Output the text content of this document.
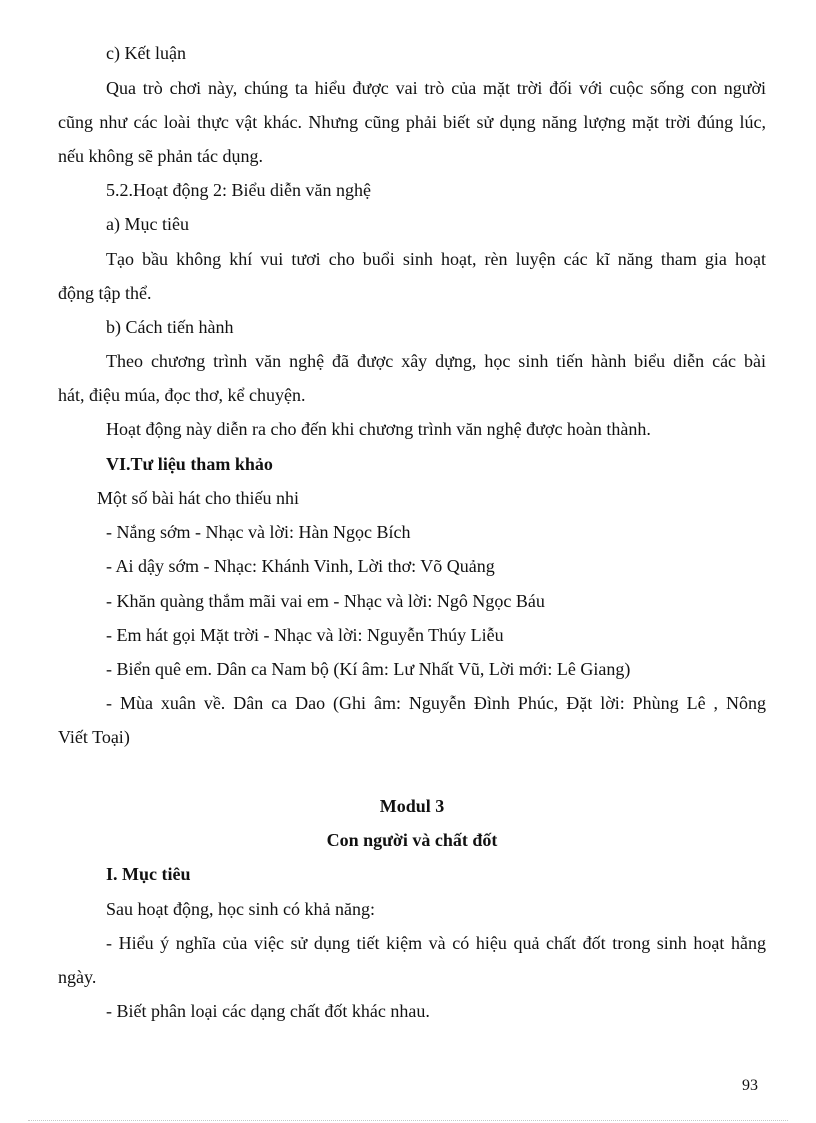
c) Kết luận
Qua trò chơi này, chúng ta hiểu được vai trò của mặt trời đối với cuộc sống con người
cũng như các loài thực vật khác. Nhưng cũng phải biết sử dụng năng lượng mặt trời đúng lúc,
nếu không sẽ phản tác dụng.
5.2.Hoạt động 2: Biểu diễn văn nghệ
a) Mục tiêu
Tạo bầu không khí vui tươi cho buổi sinh hoạt, rèn luyện các kĩ năng tham gia hoạt
động tập thể.
b) Cách tiến hành
Theo chương trình văn nghệ đã được xây dựng, học sinh tiến hành biểu diễn các bài
hát, điệu múa, đọc thơ, kể chuyện.
Hoạt động này diễn ra cho đến khi chương trình văn nghệ được hoàn thành.
VI.Tư liệu tham khảo
Một số bài hát cho thiếu nhi
- Nắng sớm - Nhạc và lời: Hàn Ngọc Bích
- Ai dậy sớm - Nhạc: Khánh Vinh, Lời thơ: Võ Quảng
- Khăn quàng thắm mãi vai em - Nhạc và lời: Ngô Ngọc Báu
- Em hát gọi Mặt trời - Nhạc và lời: Nguyễn Thúy Liễu
- Biển quê em. Dân ca Nam bộ (Kí âm: Lư Nhất Vũ, Lời mới: Lê Giang)
- Mùa xuân về. Dân ca Dao (Ghi âm: Nguyễn Đình Phúc, Đặt lời: Phùng Lê , Nông
Viết Toại)
Modul 3
Con người và chất đốt
I. Mục tiêu
Sau hoạt động, học sinh có khả năng:
- Hiểu ý nghĩa của việc sử dụng tiết kiệm và có hiệu quả chất đốt trong sinh hoạt hằng
ngày.
- Biết phân loại các dạng chất đốt khác nhau.
93
